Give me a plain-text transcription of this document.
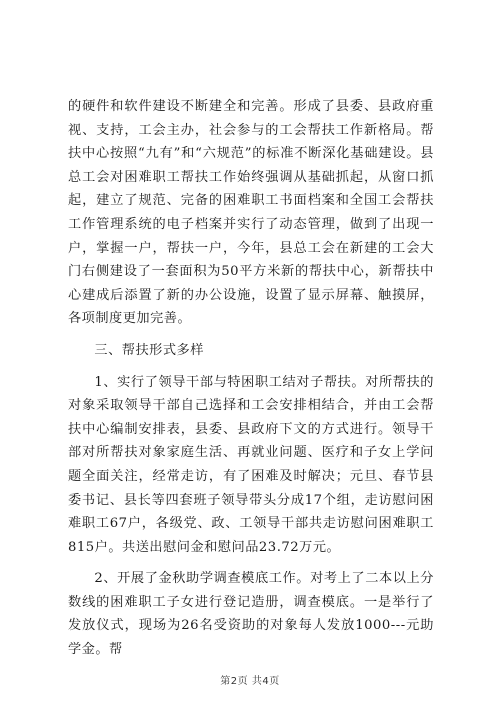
的硬件和软件建设不断建全和完善。形成了县委、县政府重视、支持，工会主办，社会参与的工会帮扶工作新格局。帮扶中心按照“九有”和“六规范”的标准不断深化基础建设。县总工会对困难职工帮扶工作始终强调从基础抓起，从窗口抓起，建立了规范、完备的困难职工书面档案和全国工会帮扶工作管理系统的电子档案并实行了动态管理，做到了出现一户，掌握一户，帮扶一户，今年，县总工会在新建的工会大门右侧建设了一套面积为50平方米新的帮扶中心，新帮扶中心建成后添置了新的办公设施，设置了显示屏幕、触摸屏，各项制度更加完善。

三、帮扶形式多样

1、实行了领导干部与特困职工结对子帮扶。对所帮扶的对象采取领导干部自己选择和工会安排相结合，并由工会帮扶中心编制安排表，县委、县政府下文的方式进行。领导干部对所帮扶对象家庭生活、再就业问题、医疗和子女上学问题全面关注，经常走访，有了困难及时解决；元旦、春节县委书记、县长等四套班子领导带头分成17个组，走访慰问困难职工67户，各级党、政、工领导干部共走访慰问困难职工815户。共送出慰问金和慰问品23.72万元。

2、开展了金秋助学调查模底工作。对考上了二本以上分数线的困难职工子女进行登记造册，调查模底。一是举行了发放仪式，现场为26名受资助的对象每人发放1000---元助学金。帮

第2页 共4页
